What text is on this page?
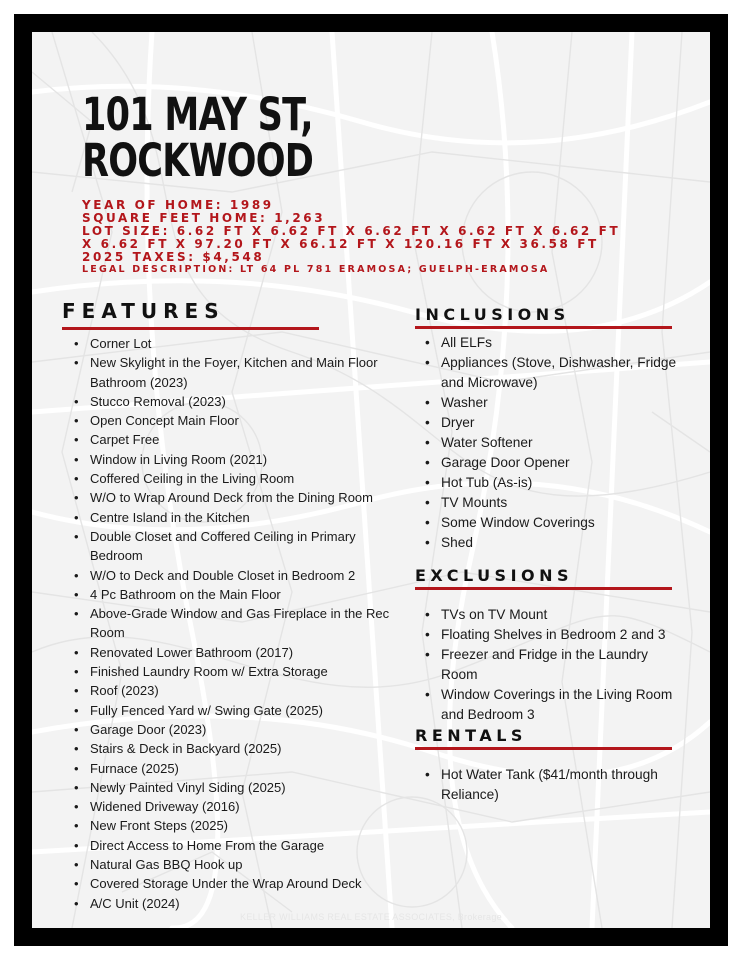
101 MAY ST,
ROCKWOOD
YEAR OF HOME: 1989
SQUARE FEET HOME: 1,263
LOT SIZE: 6.62 FT X 6.62 FT X 6.62 FT X 6.62 FT X 6.62 FT
X 6.62 FT X 97.20 FT X 66.12 FT X 120.16 FT X 36.58 FT
2025 TAXES: $4,548
LEGAL DESCRIPTION: LT 64 PL 781 ERAMOSA; GUELPH-ERAMOSA
FEATURES
• Corner Lot
• New Skylight in the Foyer, Kitchen and Main Floor Bathroom (2023)
• Stucco Removal (2023)
• Open Concept Main Floor
• Carpet Free
• Window in Living Room (2021)
• Coffered Ceiling in the Living Room
• W/O to Wrap Around Deck from the Dining Room
• Centre Island in the Kitchen
• Double Closet and Coffered Ceiling in Primary Bedroom
• W/O to Deck and Double Closet in Bedroom 2
• 4 Pc Bathroom on the Main Floor
• Above-Grade Window and Gas Fireplace in the Rec Room
• Renovated Lower Bathroom (2017)
• Finished Laundry Room w/ Extra Storage
• Roof (2023)
• Fully Fenced Yard w/ Swing Gate (2025)
• Garage Door (2023)
• Stairs & Deck in Backyard (2025)
• Furnace (2025)
• Newly Painted Vinyl Siding (2025)
• Widened Driveway (2016)
• New Front Steps (2025)
• Direct Access to Home From the Garage
• Natural Gas BBQ Hook up
• Covered Storage Under the Wrap Around Deck
• A/C Unit (2024)
INCLUSIONS
• All ELFs
• Appliances (Stove, Dishwasher, Fridge and Microwave)
• Washer
• Dryer
• Water Softener
• Garage Door Opener
• Hot Tub (As-is)
• TV Mounts
• Some Window Coverings
• Shed
EXCLUSIONS
• TVs on TV Mount
• Floating Shelves in Bedroom 2 and 3
• Freezer and Fridge in the Laundry Room
• Window Coverings in the Living Room and Bedroom 3
RENTALS
• Hot Water Tank ($41/month through Reliance)
KELLER WILLIAMS REAL ESTATE ASSOCIATES, Brokerage
